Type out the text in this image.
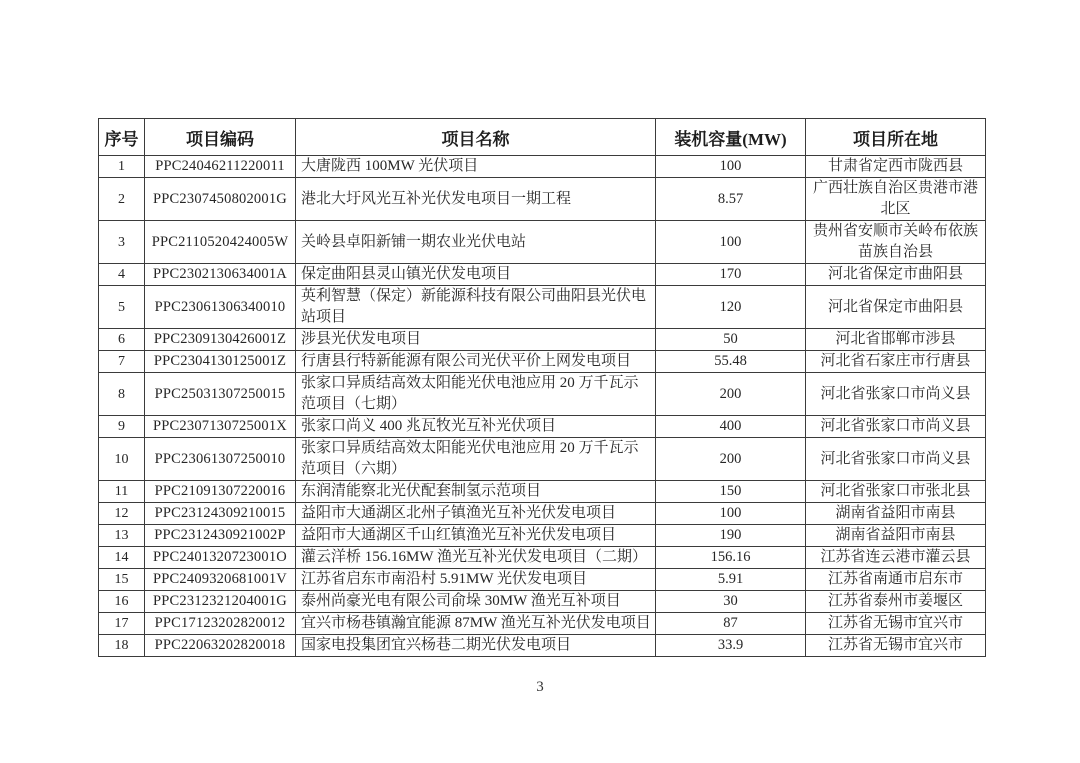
序号	项目编码	项目名称	装机容量(MW)	项目所在地
1	PPC24046211220011	大唐陇西 100MW 光伏项目	100	甘肃省定西市陇西县
2	PPC2307450802001G	港北大圩风光互补光伏发电项目一期工程	8.57	广西壮族自治区贵港市港北区
3	PPC2110520424005W	关岭县卓阳新铺一期农业光伏电站	100	贵州省安顺市关岭布依族苗族自治县
4	PPC2302130634001A	保定曲阳县灵山镇光伏发电项目	170	河北省保定市曲阳县
5	PPC23061306340010	英利智慧（保定）新能源科技有限公司曲阳县光伏电站项目	120	河北省保定市曲阳县
6	PPC2309130426001Z	涉县光伏发电项目	50	河北省邯郸市涉县
7	PPC2304130125001Z	行唐县行特新能源有限公司光伏平价上网发电项目	55.48	河北省石家庄市行唐县
8	PPC25031307250015	张家口异质结高效太阳能光伏电池应用 20 万千瓦示范项目（七期）	200	河北省张家口市尚义县
9	PPC2307130725001X	张家口尚义 400 兆瓦牧光互补光伏项目	400	河北省张家口市尚义县
10	PPC23061307250010	张家口异质结高效太阳能光伏电池应用 20 万千瓦示范项目（六期）	200	河北省张家口市尚义县
11	PPC21091307220016	东润清能察北光伏配套制氢示范项目	150	河北省张家口市张北县
12	PPC23124309210015	益阳市大通湖区北州子镇渔光互补光伏发电项目	100	湖南省益阳市南县
13	PPC2312430921002P	益阳市大通湖区千山红镇渔光互补光伏发电项目	190	湖南省益阳市南县
14	PPC2401320723001O	灌云洋桥 156.16MW 渔光互补光伏发电项目（二期）	156.16	江苏省连云港市灌云县
15	PPC2409320681001V	江苏省启东市南沿村 5.91MW 光伏发电项目	5.91	江苏省南通市启东市
16	PPC2312321204001G	泰州尚豪光电有限公司俞垛 30MW 渔光互补项目	30	江苏省泰州市姜堰区
17	PPC17123202820012	宜兴市杨巷镇瀚宜能源 87MW 渔光互补光伏发电项目	87	江苏省无锡市宜兴市
18	PPC22063202820018	国家电投集团宜兴杨巷二期光伏发电项目	33.9	江苏省无锡市宜兴市
3
